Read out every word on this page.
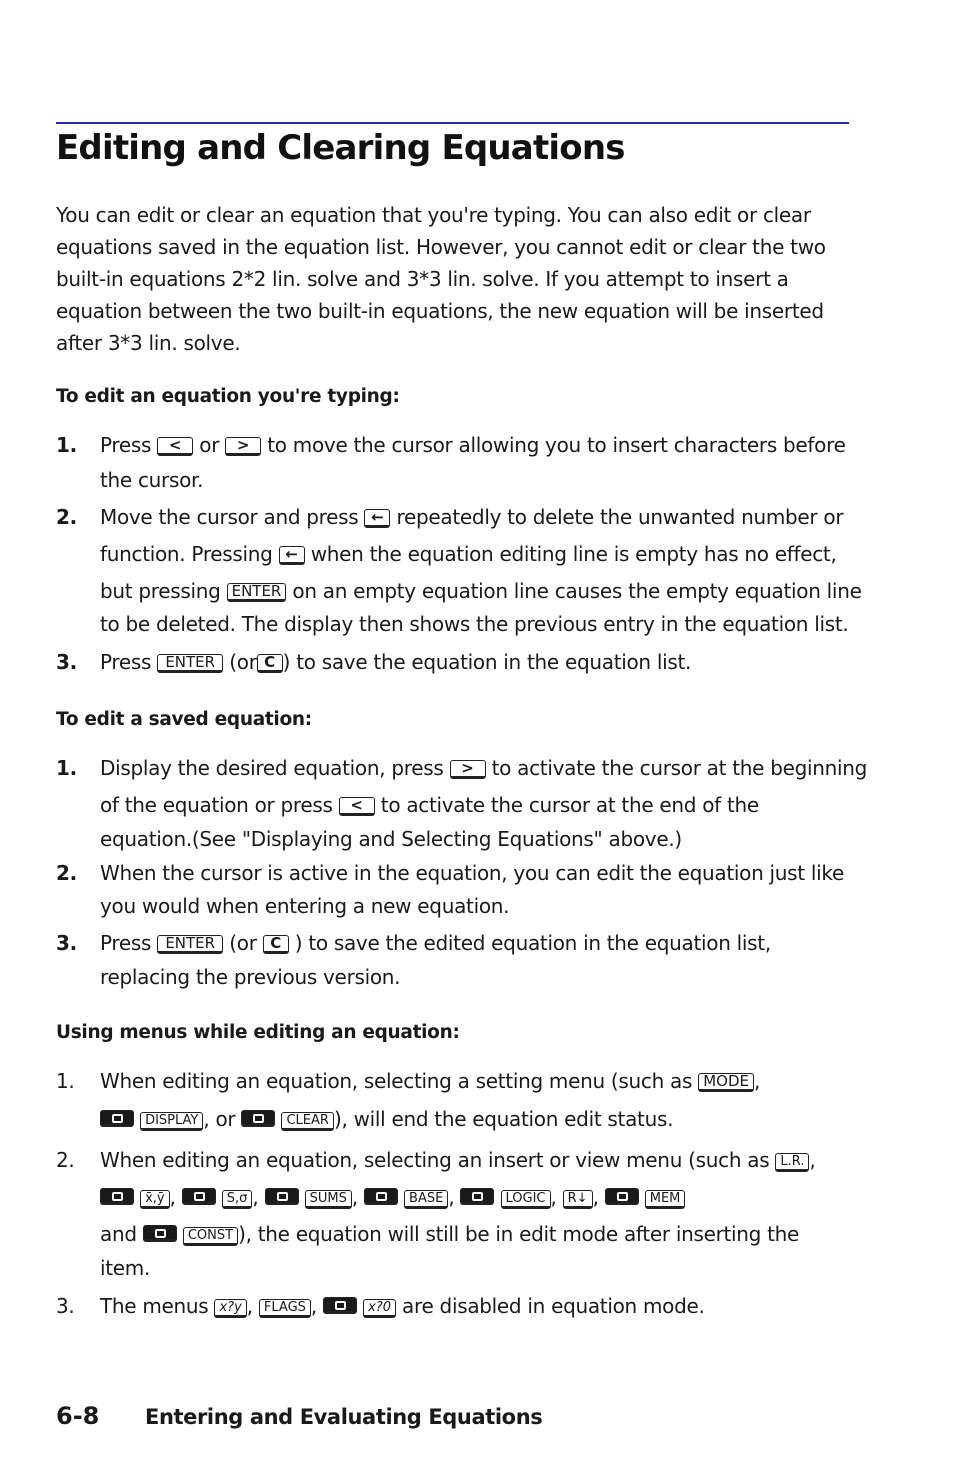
Editing and Clearing Equations

You can edit or clear an equation that you're typing. You can also edit or clear equations saved in the equation list. However, you cannot edit or clear the two built-in equations 2*2 lin. solve and 3*3 lin. solve. If you attempt to insert a equation between the two built-in equations, the new equation will be inserted after 3*3 lin. solve.

To edit an equation you're typing:

1.	Press < or > to move the cursor allowing you to insert characters before
the cursor.
2.	Move the cursor and press ← repeatedly to delete the unwanted number or
function. Pressing ← when the equation editing line is empty has no effect,
but pressing ENTER on an empty equation line causes the empty equation line
to be deleted. The display then shows the previous entry in the equation list.
3.	Press ENTER (or C ) to save the equation in the equation list.

To edit a saved equation:

1.	Display the desired equation, press > to activate the cursor at the beginning
of the equation or press < to activate the cursor at the end of the
equation.(See "Displaying and Selecting Equations" above.)
2.	When the cursor is active in the equation, you can edit the equation just like
you would when entering a new equation.
3.	Press ENTER (or C ) to save the edited equation in the equation list,
replacing the previous version.

Using menus while editing an equation:

1.	When editing an equation, selecting a setting menu (such as MODE ,
DISPLAY , or	CLEAR ), will end the equation edit status.
2.	When editing an equation, selecting an insert or view menu (such as L.R. ,
x̄,ȳ ,	S,σ ,	SUMS ,	BASE ,	LOGIC , R↓ ,	MEM
and	CONST ), the equation will still be in edit mode after inserting the
item.
3.	The menus x?y , FLAGS ,	x?0 are disabled in equation mode.
6-8 Entering and Evaluating Equations
